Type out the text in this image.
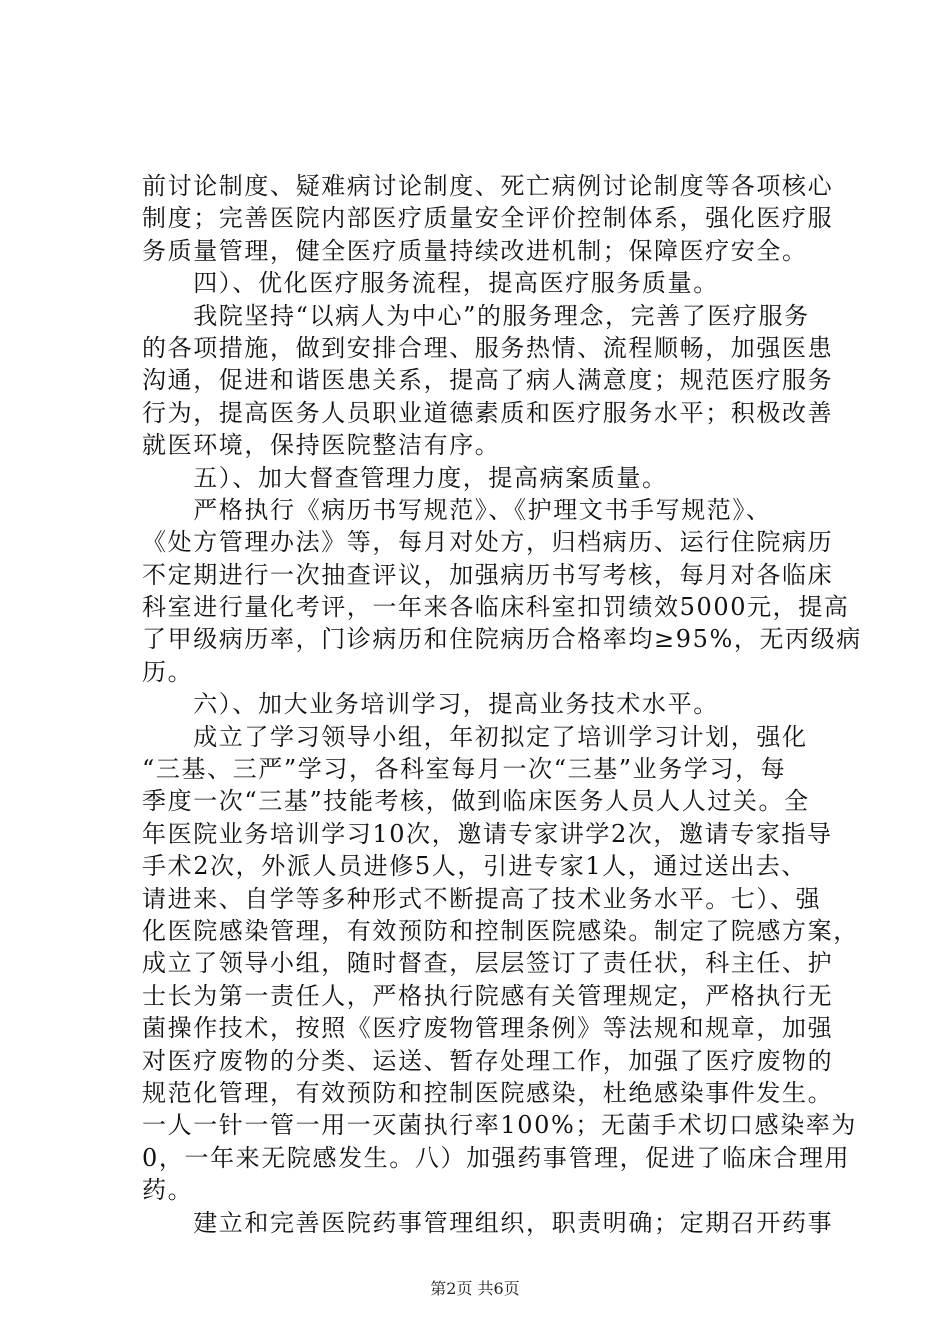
前讨论制度、疑难病讨论制度、死亡病例讨论制度等各项核心
制度；完善医院内部医疗质量安全评价控制体系，强化医疗服
务质量管理，健全医疗质量持续改进机制；保障医疗安全。
　　四）、优化医疗服务流程，提高医疗服务质量。
　　我院坚持“以病人为中心”的服务理念，完善了医疗服务
的各项措施，做到安排合理、服务热情、流程顺畅，加强医患
沟通，促进和谐医患关系，提高了病人满意度；规范医疗服务
行为，提高医务人员职业道德素质和医疗服务水平；积极改善
就医环境，保持医院整洁有序。
　　五）、加大督查管理力度，提高病案质量。
　　严格执行《病历书写规范》、《护理文书手写规范》、
《处方管理办法》等，每月对处方，归档病历、运行住院病历
不定期进行一次抽查评议，加强病历书写考核，每月对各临床
科室进行量化考评，一年来各临床科室扣罚绩效5000元，提高
了甲级病历率，门诊病历和住院病历合格率均≥95%，无丙级病
历。
　　六）、加大业务培训学习，提高业务技术水平。
　　成立了学习领导小组，年初拟定了培训学习计划，强化
“三基、三严”学习，各科室每月一次“三基”业务学习，每
季度一次“三基”技能考核，做到临床医务人员人人过关。全
年医院业务培训学习10次，邀请专家讲学2次，邀请专家指导
手术2次，外派人员进修5人，引进专家1人，通过送出去、
请进来、自学等多种形式不断提高了技术业务水平。七）、强
化医院感染管理，有效预防和控制医院感染。制定了院感方案，
成立了领导小组，随时督查，层层签订了责任状，科主任、护
士长为第一责任人，严格执行院感有关管理规定，严格执行无
菌操作技术，按照《医疗废物管理条例》等法规和规章，加强
对医疗废物的分类、运送、暂存处理工作，加强了医疗废物的
规范化管理，有效预防和控制医院感染，杜绝感染事件发生。
一人一针一管一用一灭菌执行率100%；无菌手术切口感染率为
0，一年来无院感发生。八）加强药事管理，促进了临床合理用
药。
　　建立和完善医院药事管理组织，职责明确；定期召开药事
第2页 共6页
